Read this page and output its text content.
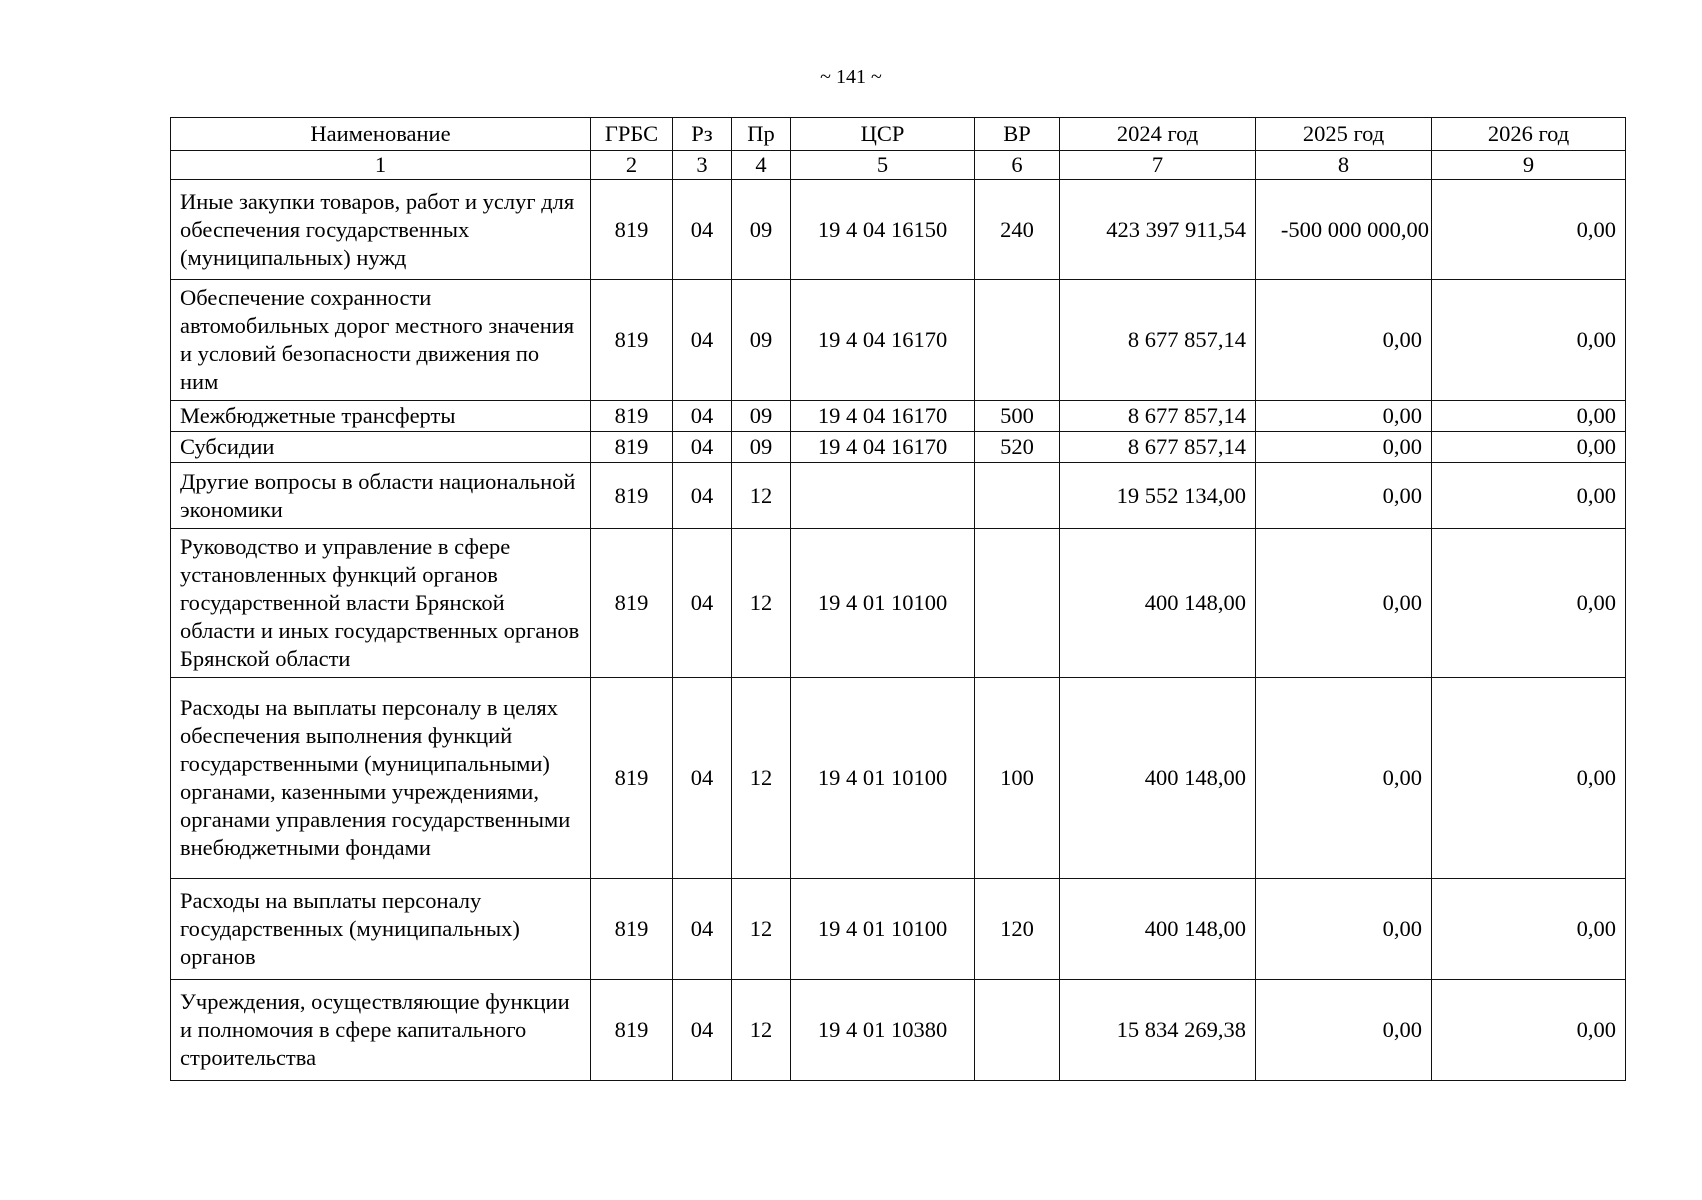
~ 141 ~
Наименование	ГРБС	Рз	Пр	ЦСР	ВР	2024 год	2025 год	2026 год
1	2	3	4	5	6	7	8	9
Иные закупки товаров, работ и услуг для обеспечения государственных (муниципальных) нужд	819	04	09	19 4 04 16150	240	423 397 911,54	-500 000 000,00	0,00
Обеспечение сохранности автомобильных дорог местного значения и условий безопасности движения по ним	819	04	09	19 4 04 16170		8 677 857,14	0,00	0,00
Межбюджетные трансферты	819	04	09	19 4 04 16170	500	8 677 857,14	0,00	0,00
Субсидии	819	04	09	19 4 04 16170	520	8 677 857,14	0,00	0,00
Другие вопросы в области национальной экономики	819	04	12			19 552 134,00	0,00	0,00
Руководство и управление в сфере установленных функций органов государственной власти Брянской области и иных государственных органов Брянской области	819	04	12	19 4 01 10100		400 148,00	0,00	0,00
Расходы на выплаты персоналу в целях обеспечения выполнения функций государственными (муниципальными) органами, казенными учреждениями, органами управления государственными внебюджетными фондами	819	04	12	19 4 01 10100	100	400 148,00	0,00	0,00
Расходы на выплаты персоналу государственных (муниципальных) органов	819	04	12	19 4 01 10100	120	400 148,00	0,00	0,00
Учреждения, осуществляющие функции и полномочия в сфере капитального строительства	819	04	12	19 4 01 10380		15 834 269,38	0,00	0,00
